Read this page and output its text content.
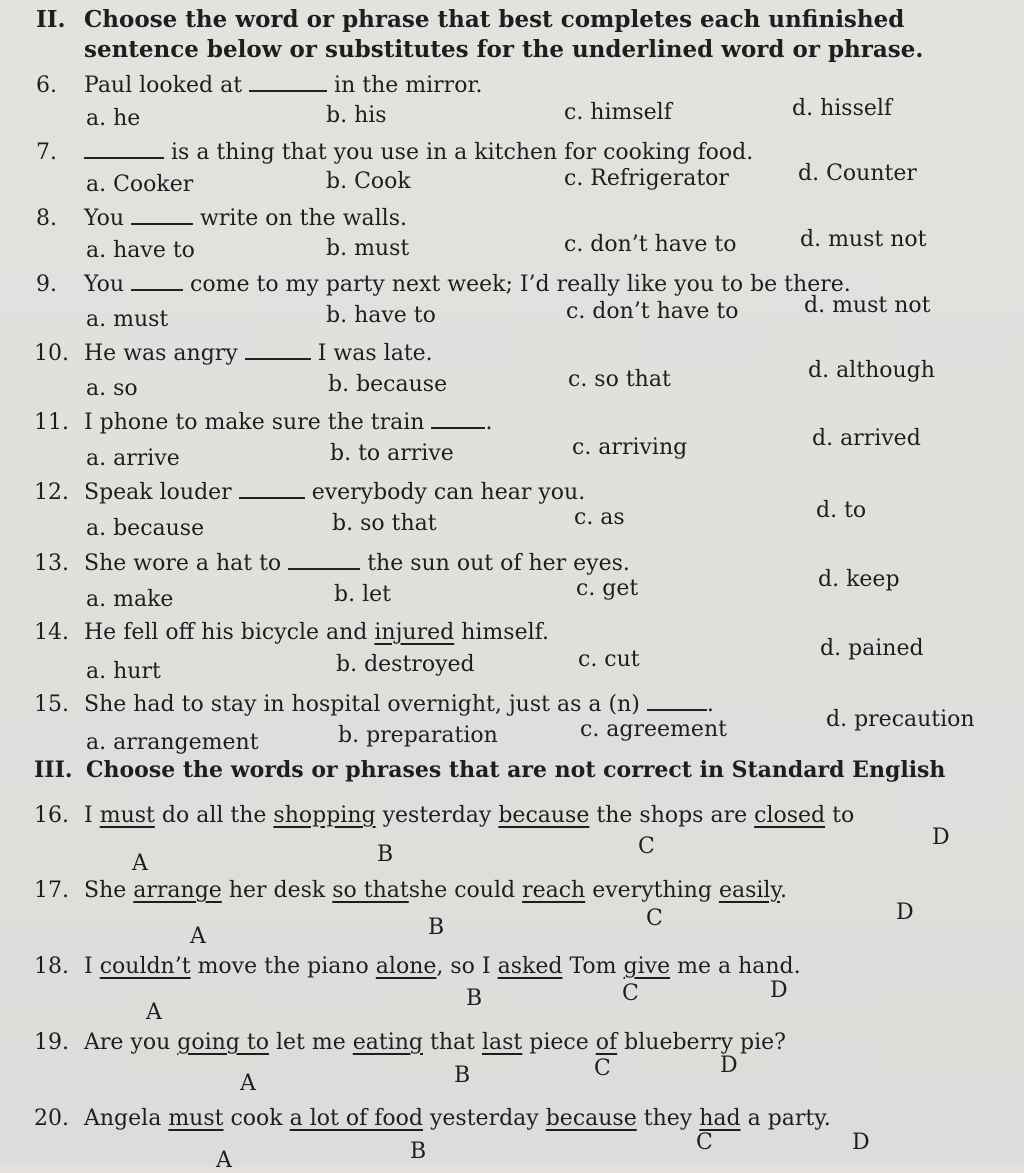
II. Choose the word or phrase that best completes each unfinished
sentence below or substitutes for the underlined word or phrase.
6. Paul looked at	in the mirror.
a. he	b. his	c. himself	d. hisself
7.	is a thing that you use in a kitchen for cooking food.
a. Cooker	b. Cook	c. Refrigerator	d. Counter
8. You	write on the walls.
a. have to	b. must	c. don’t have to	d. must not
9. You	come to my party next week; I’d really like you to be there.
a. must	b. have to	c. don’t have to	d. must not
10. He was angry	I was late.
a. so	b. because	c. so that	d. although
11. I phone to make sure the train	.
a. arrive	b. to arrive	c. arriving	d. arrived
12. Speak louder	everybody can hear you.
a. because	b. so that	c. as	d. to
13. She wore a hat to	the sun out of her eyes.
a. make	b. let	c. get	d. keep
14. He fell off his bicycle and injured himself.
a. hurt	b. destroyed	c. cut	d. pained
15. She had to stay in hospital overnight, just as a (n)	.
a. arrangement	b. preparation	c. agreement	d. precaution
III. Choose the words or phrases that are not correct in Standard English
16. I must do all the shopping yesterday because the shops are closed to
A	B	C	D
17. She arrange her desk so thatshe could reach everything easily.
A	B	C	D
18. I couldn’t move the piano alone, so I asked Tom give me a hand.
A
B	C	D
19. Are you going to let me eating that last piece of blueberry pie?
A	B	C	D
20. Angela must cook a lot of food yesterday because they had a party.
A	B	C	D
